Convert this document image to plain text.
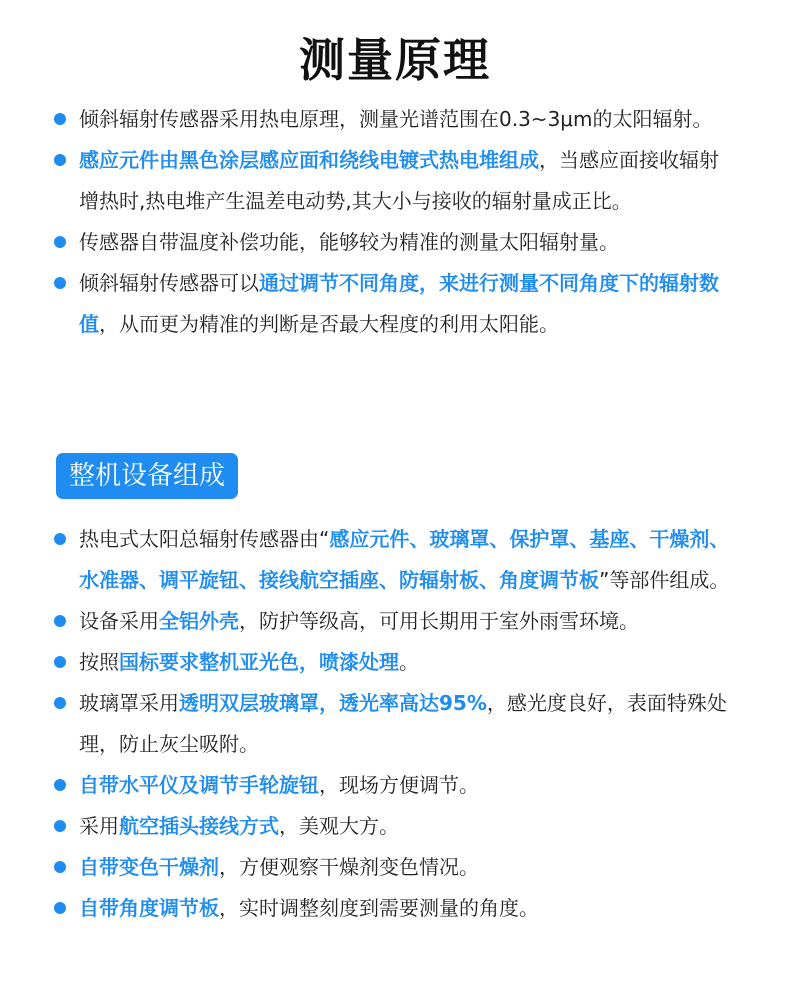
测量原理
倾斜辐射传感器采用热电原理，测量光谱范围在0.3~3μm的太阳辐射。
感应元件由黑色涂层感应面和绕线电镀式热电堆组成，当感应面接收辐射增热时,热电堆产生温差电动势,其大小与接收的辐射量成正比。
传感器自带温度补偿功能，能够较为精准的测量太阳辐射量。
倾斜辐射传感器可以通过调节不同角度，来进行测量不同角度下的辐射数值，从而更为精准的判断是否最大程度的利用太阳能。
整机设备组成
热电式太阳总辐射传感器由“感应元件、玻璃罩、保护罩、基座、干燥剂、水准器、调平旋钮、接线航空插座、防辐射板、角度调节板”等部件组成。
设备采用全铝外壳，防护等级高，可用长期用于室外雨雪环境。
按照国标要求整机亚光色，喷漆处理。
玻璃罩采用透明双层玻璃罩，透光率高达95%，感光度良好，表面特殊处理，防止灰尘吸附。
自带水平仪及调节手轮旋钮，现场方便调节。
采用航空插头接线方式，美观大方。
自带变色干燥剂，方便观察干燥剂变色情况。
自带角度调节板，实时调整刻度到需要测量的角度。
